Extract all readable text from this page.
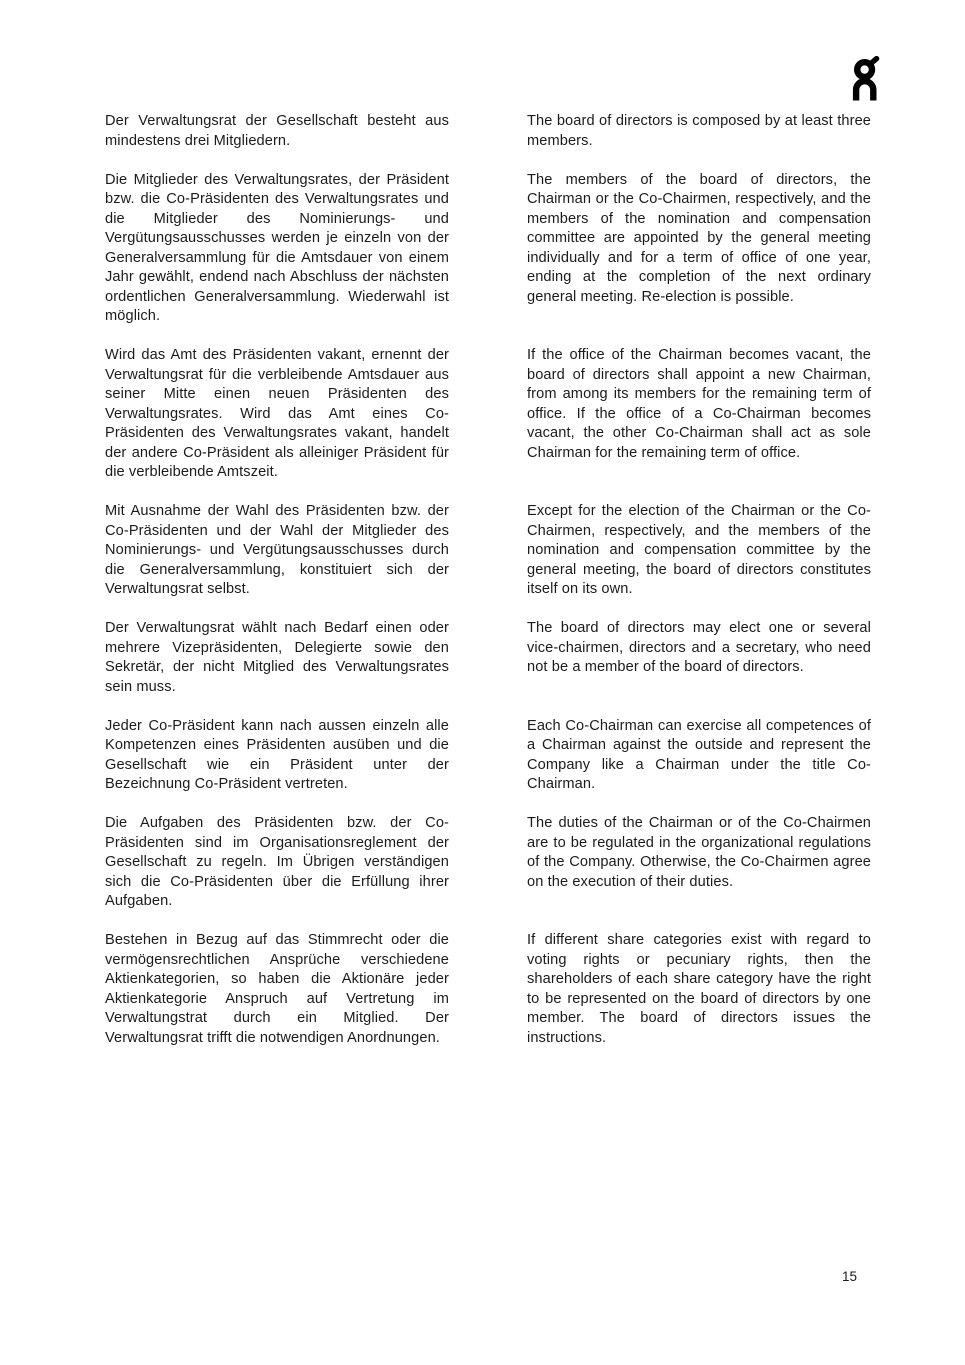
Der Verwaltungsrat der Gesellschaft besteht aus mindestens drei Mitgliedern.
The board of directors is composed by at least three members.
Die Mitglieder des Verwaltungsrates, der Präsident bzw. die Co-Präsidenten des Verwaltungsrates und die Mitglieder des Nominierungs- und Vergütungsausschusses werden je einzeln von der Generalversammlung für die Amtsdauer von einem Jahr gewählt, endend nach Abschluss der nächsten ordentlichen Generalversammlung. Wiederwahl ist möglich.
The members of the board of directors, the Chairman or the Co-Chairmen, respectively, and the members of the nomination and compensation committee are appointed by the general meeting individually and for a term of office of one year, ending at the completion of the next ordinary general meeting. Re-election is possible.
Wird das Amt des Präsidenten vakant, ernennt der Verwaltungsrat für die verbleibende Amtsdauer aus seiner Mitte einen neuen Präsidenten des Verwaltungsrates. Wird das Amt eines Co-Präsidenten des Verwaltungsrates vakant, handelt der andere Co-Präsident als alleiniger Präsident für die verbleibende Amtszeit.
If the office of the Chairman becomes vacant, the board of directors shall appoint a new Chairman, from among its members for the remaining term of office. If the office of a Co-Chairman becomes vacant, the other Co-Chairman shall act as sole Chairman for the remaining term of office.
Mit Ausnahme der Wahl des Präsidenten bzw. der Co-Präsidenten und der Wahl der Mitglieder des Nominierungs- und Vergütungsausschusses durch die Generalversammlung, konstituiert sich der Verwaltungsrat selbst.
Except for the election of the Chairman or the Co-Chairmen, respectively, and the members of the nomination and compensation committee by the general meeting, the board of directors constitutes itself on its own.
Der Verwaltungsrat wählt nach Bedarf einen oder mehrere Vizepräsidenten, Delegierte sowie den Sekretär, der nicht Mitglied des Verwaltungsrates sein muss.
The board of directors may elect one or several vice-chairmen, directors and a secretary, who need not be a member of the board of directors.
Jeder Co-Präsident kann nach aussen einzeln alle Kompetenzen eines Präsidenten ausüben und die Gesellschaft wie ein Präsident unter der Bezeichnung Co-Präsident vertreten.
Each Co-Chairman can exercise all competences of a Chairman against the outside and represent the Company like a Chairman under the title Co-Chairman.
Die Aufgaben des Präsidenten bzw. der Co-Präsidenten sind im Organisationsreglement der Gesellschaft zu regeln. Im Übrigen verständigen sich die Co-Präsidenten über die Erfüllung ihrer Aufgaben.
The duties of the Chairman or of the Co-Chairmen are to be regulated in the organizational regulations of the Company. Otherwise, the Co-Chairmen agree on the execution of their duties.
Bestehen in Bezug auf das Stimmrecht oder die vermögensrechtlichen Ansprüche verschiedene Aktienkategorien, so haben die Aktionäre jeder Aktienkategorie Anspruch auf Vertretung im Verwaltungstrat durch ein Mitglied. Der Verwaltungsrat trifft die notwendigen Anordnungen.
If different share categories exist with regard to voting rights or pecuniary rights, then the shareholders of each share category have the right to be represented on the board of directors by one member. The board of directors issues the instructions.
15
